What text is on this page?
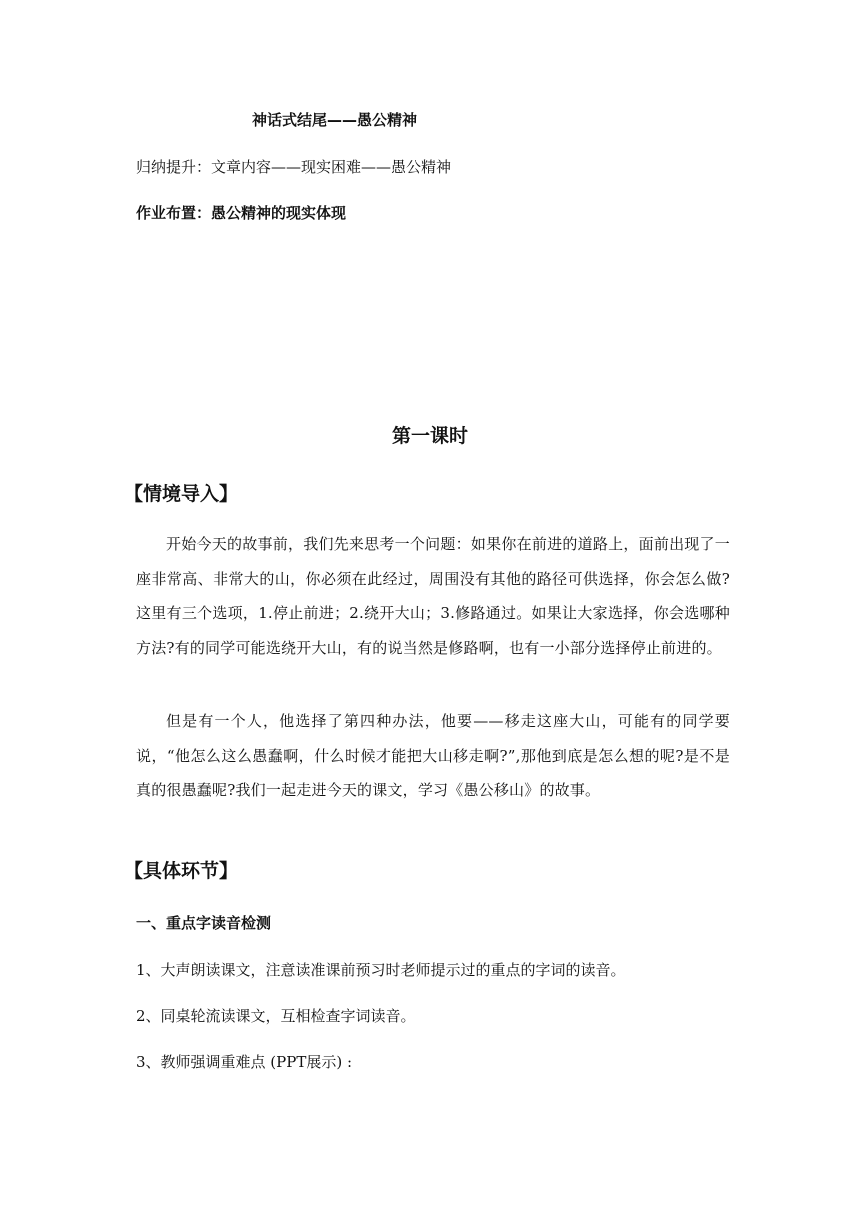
神话式结尾——愚公精神

归纳提升：文章内容——现实困难——愚公精神

作业布置：愚公精神的现实体现

第一课时

【情境导入】

开始今天的故事前，我们先来思考一个问题：如果你在前进的道路上，面前出现了一座非常高、非常大的山，你必须在此经过，周围没有其他的路径可供选择，你会怎么做?这里有三个选项，1.停止前进；2.绕开大山；3.修路通过。如果让大家选择，你会选哪种方法?有的同学可能选绕开大山，有的说当然是修路啊，也有一小部分选择停止前进的。

但是有一个人，他选择了第四种办法，他要——移走这座大山，可能有的同学要说，“他怎么这么愚蠢啊，什么时候才能把大山移走啊?”,那他到底是怎么想的呢?是不是真的很愚蠢呢?我们一起走进今天的课文，学习《愚公移山》的故事。

【具体环节】

一、重点字读音检测

1、大声朗读课文，注意读准课前预习时老师提示过的重点的字词的读音。

2、同桌轮流读课文，互相检查字词读音。

3、教师强调重难点 (PPT展示) :
